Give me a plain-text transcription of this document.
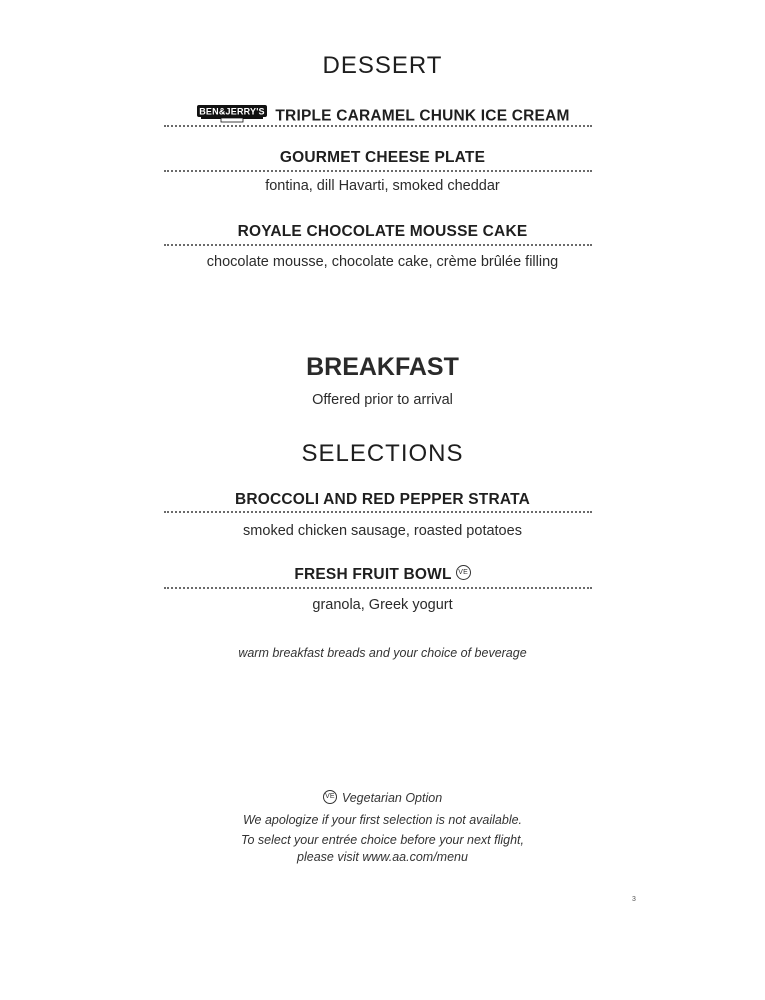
DESSERT
BEN&JERRY'S TRIPLE CARAMEL CHUNK ICE CREAM
GOURMET CHEESE PLATE
fontina, dill Havarti, smoked cheddar
ROYALE CHOCOLATE MOUSSE CAKE
chocolate mousse, chocolate cake, crème brûlée filling
BREAKFAST
Offered prior to arrival
SELECTIONS
BROCCOLI AND RED PEPPER STRATA
smoked chicken sausage, roasted potatoes
FRESH FRUIT BOWL VE
granola, Greek yogurt
warm breakfast breads and your choice of beverage
VE Vegetarian Option
We apologize if your first selection is not available.
To select your entrée choice before your next flight,
please visit www.aa.com/menu
3
